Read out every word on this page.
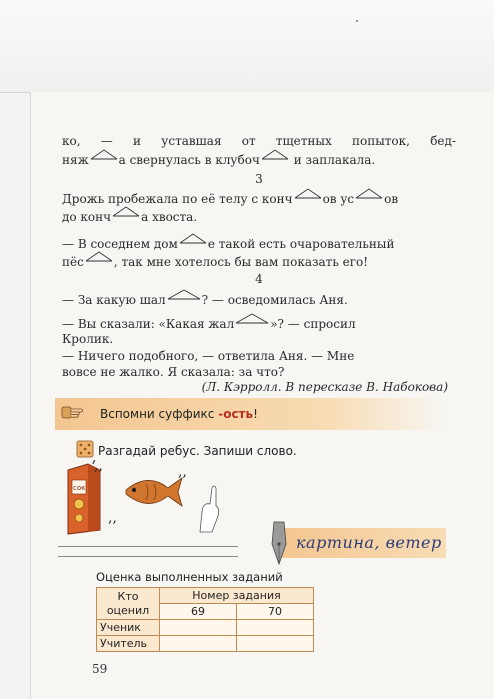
ко, — и уставшая от тщетных попыток, бед-
няж	а свернулась в клубоч	и заплакала.
3
Дрожь пробежала по её телу с конч	ов ус	ов
до конч	а хвоста.
— В соседнем дом	е такой есть очаровательный
пёс	, так мне хотелось бы вам показать его!
4
— За какую шал	? — осведомилась Аня.
— Вы сказали: «Какая жал	»? — спросил
Кролик.
— Ничего подобного, — ответила Аня. — Мне
вовсе не жалко. Я сказала: за что?
(Л. Кэрролл. В пересказе В. Набокова)
Вспомни суффикс -ость!
Разгадай ребус. Запиши слово.
сок
,,
,,
,,
картина, ветер
Оценка выполненных заданий
Кто
оценил	Номер задания	
	69	70
Ученик		
Учитель		
59
